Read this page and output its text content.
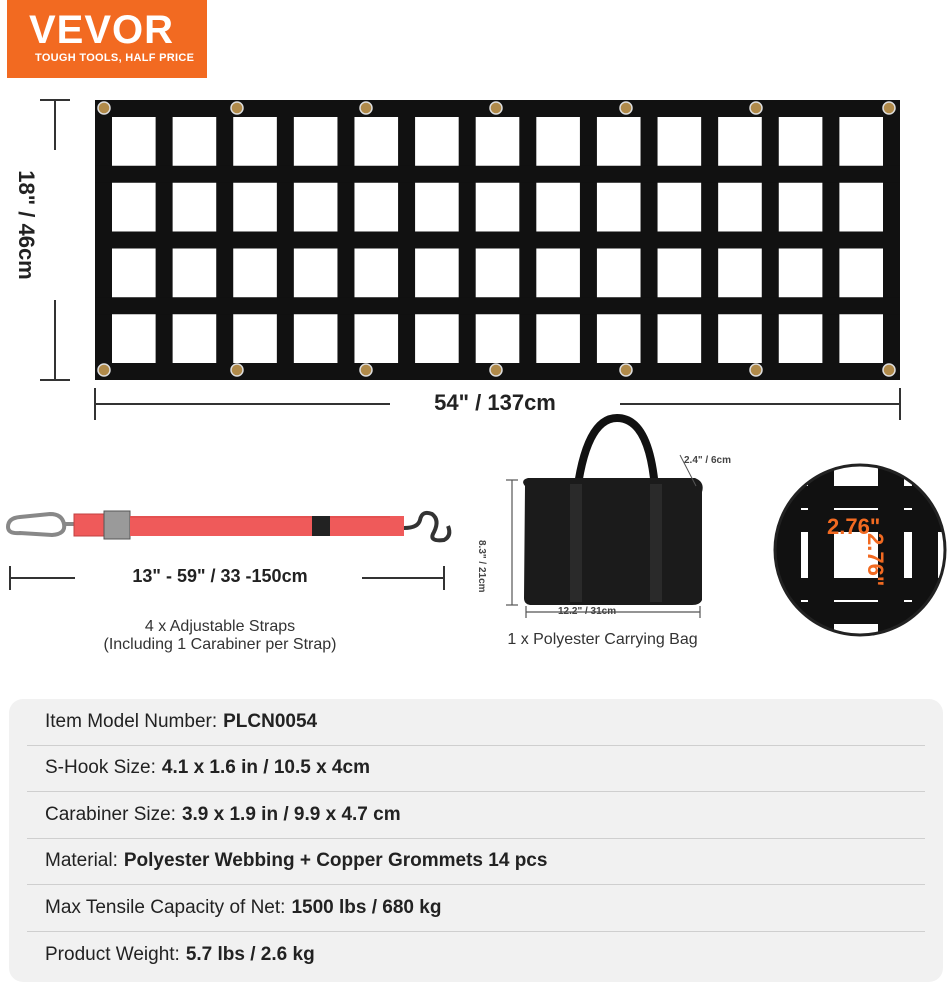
VEVOR
TOUGH TOOLS, HALF PRICE
18" / 46cm
54" / 137cm
13" - 59" / 33 -150cm
4 x Adjustable Straps
(Including 1 Carabiner per Strap)
2.4" / 6cm
8.3" / 21cm
12.2" / 31cm
1 x Polyester Carrying Bag
2.76"
2.76"
Item Model Number: PLCN0054
S-Hook Size: 4.1 x 1.6 in / 10.5 x 4cm
Carabiner Size: 3.9 x 1.9 in / 9.9 x 4.7 cm
Material: Polyester Webbing + Copper Grommets 14 pcs
Max Tensile Capacity of Net: 1500 lbs / 680 kg
Product Weight: 5.7 lbs / 2.6 kg
